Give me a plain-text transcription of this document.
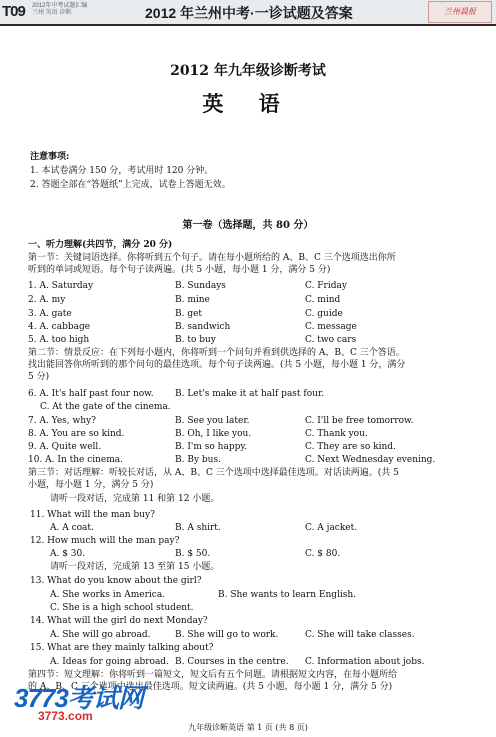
T09 2012年中考试题汇编
兰州 英语 诊断	2012 年兰州中考·一诊试题及答案	兰州晨报
2012 年九年级诊断考试
英 语
注意事项:
1. 本试卷满分 150 分，考试用时 120 分钟。
2. 答题全部在“答题纸”上完成，试卷上答题无效。
第一卷（选择题，共 80 分）
一、听力理解(共四节，满分 20 分)
第一节：关键词语选择。你将听到五个句子。请在每小题所给的 A、B、C 三个选项选出你所
听到的单词或短语。每个句子读两遍。(共 5 小题，每小题 1 分，满分 5 分)
1. A. Saturday	B. Sundays	C. Friday
2. A. my	B. mine	C. mind
3. A. gate	B. get	C. guide
4. A. cabbage	B. sandwich	C. message
5. A. too high	B. to buy	C. two cars
第二节：情景反应：在下列每小题内，你将听到一个问句并看到供选择的 A、B、C 三个答语。
找出能回答你所听到的那个问句的最佳选项。每个句子读两遍。(共 5 小题，每小题 1 分，满分
5 分)
6. A. It's half past four now. B. Let's make it at half past four.
C. At the gate of the cinema.
7. A. Yes, why?	B. See you later.	C. I'll be free tomorrow.
8. A. You are so kind.	B. Oh, I like you.	C. Thank you.
9. A. Quite well.	B. I'm so happy.	C. They are so kind.
10. A. In the cinema.	B. By bus.	C. Next Wednesday evening.
第三节：对话理解：听较长对话，从 A、B、C 三个选项中选择最佳选项。对话读两遍。(共 5
小题，每小题 1 分，满分 5 分)
请听一段对话，完成第 11 和第 12 小题。
11. What will the man buy?
A. A coat.	B. A shirt.	C. A jacket.
12. How much will the man pay?
A. $ 30.	B. $ 50.	C. $ 80.
请听一段对话，完成第 13 至第 15 小题。
13. What do you know about the girl?
A. She works in America.	B. She wants to learn English.
C. She is a high school student.
14. What will the girl do next Monday?
A. She will go abroad.	B. She will go to work.	C. She will take classes.
15. What are they mainly talking about?
A. Ideas for going abroad. B. Courses in the centre. C. Information about jobs.
第四节：短文理解：你将听到一篇短文，短文后有五个问题。请根据短文内容，在每小题所给
的 A、B、C 三个选项中选出最佳选项。短文读两遍。(共 5 小题，每小题 1 分，满分 5 分)
3773考试网
3773.com
九年级诊断英语 第 1 页 (共 8 页)
